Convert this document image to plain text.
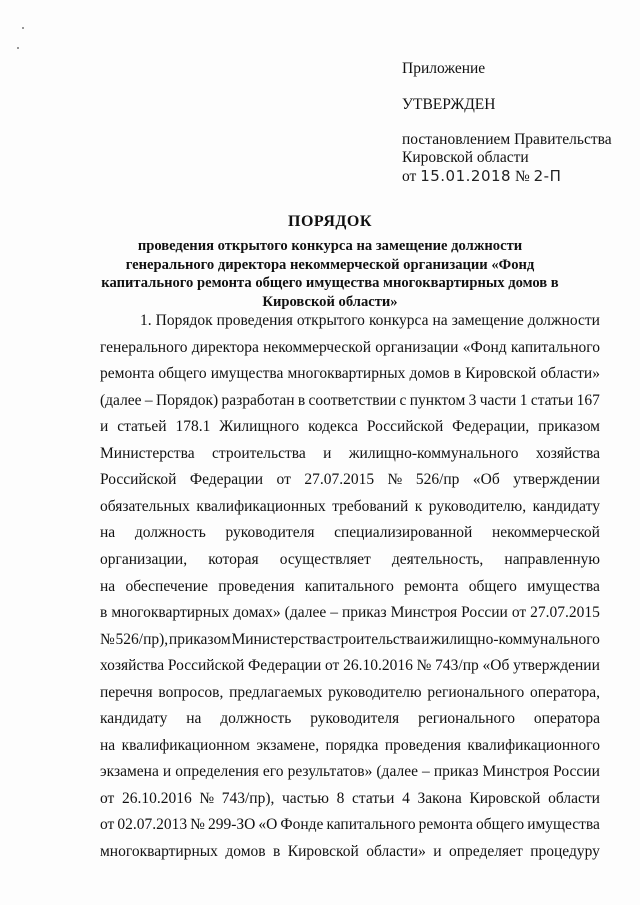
Приложение
УТВЕРЖДЕН
постановлением Правительства
Кировской области
от 15.01.2018 № 2-П
ПОРЯДОК
проведения открытого конкурса на замещение должности генерального директора некоммерческой организации «Фонд капитального ремонта общего имущества многоквартирных домов в Кировской области»
1. Порядок проведения открытого конкурса на замещение должности
генерального директора некоммерческой организации «Фонд капитального
ремонта общего имущества многоквартирных домов в Кировской области»
(далее – Порядок) разработан в соответствии с пунктом 3 части 1 статьи 167
и статьей 178.1 Жилищного кодекса Российской Федерации, приказом
Министерства строительства и жилищно-коммунального хозяйства
Российской Федерации от 27.07.2015 № 526/пр «Об утверждении
обязательных квалификационных требований к руководителю, кандидату
на должность руководителя специализированной некоммерческой
организации, которая осуществляет деятельность, направленную
на обеспечение проведения капитального ремонта общего имущества
в многоквартирных домах» (далее – приказ Минстроя России от 27.07.2015
№ 526/пр), приказом Министерства строительства и жилищно-коммунального
хозяйства Российской Федерации от 26.10.2016 № 743/пр «Об утверждении
перечня вопросов, предлагаемых руководителю регионального оператора,
кандидату на должность руководителя регионального оператора
на квалификационном экзамене, порядка проведения квалификационного
экзамена и определения его результатов» (далее – приказ Минстроя России
от 26.10.2016 № 743/пр), частью 8 статьи 4 Закона Кировской области
от 02.07.2013 № 299-ЗО «О Фонде капитального ремонта общего имущества
многоквартирных домов в Кировской области» и определяет процедуру
